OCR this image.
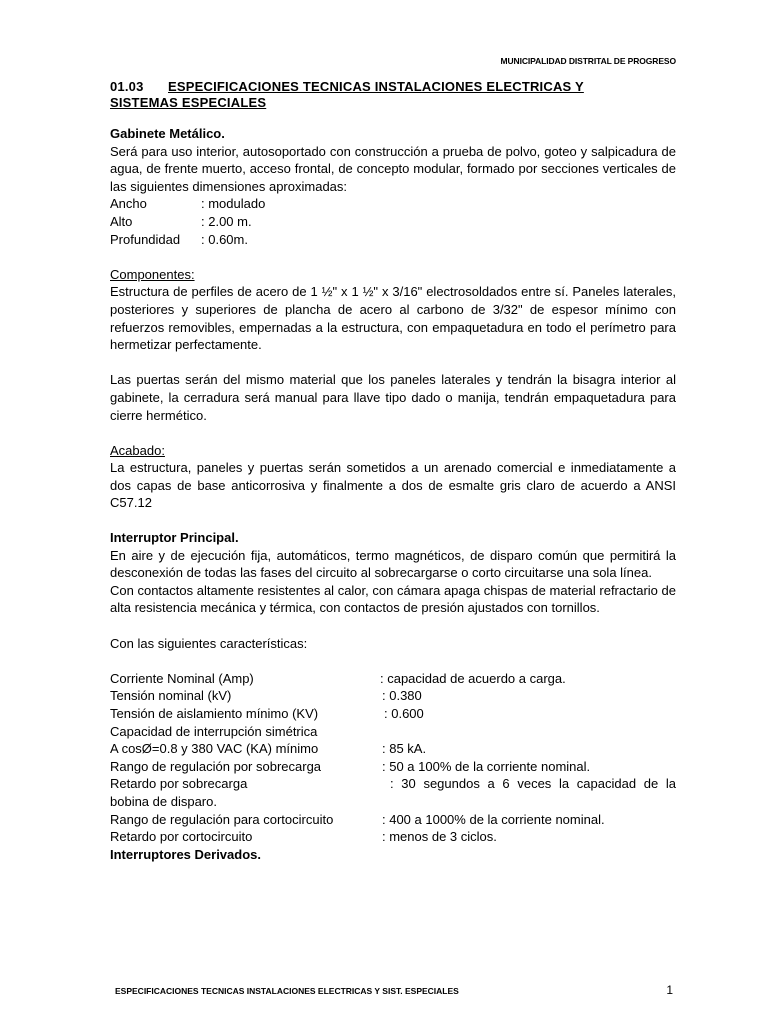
MUNICIPALIDAD DISTRITAL DE PROGRESO
01.03 ESPECIFICACIONES TECNICAS INSTALACIONES ELECTRICAS Y
SISTEMAS ESPECIALES
Gabinete Metálico.
Será para uso interior, autosoportado con construcción a prueba de polvo, goteo y salpicadura de agua, de frente muerto, acceso frontal, de concepto modular, formado por secciones verticales de las siguientes dimensiones aproximadas:
Ancho	: modulado
Alto	: 2.00 m.
Profundidad	: 0.60m.
Componentes:
Estructura de perfiles de acero de 1 ½" x 1 ½" x 3/16" electrosoldados entre sí. Paneles laterales, posteriores y superiores de plancha de acero al carbono de 3/32" de espesor mínimo con refuerzos removibles, empernadas a la estructura, con empaquetadura en todo el perímetro para hermetizar perfectamente.
Las puertas serán del mismo material que los paneles laterales y tendrán la bisagra interior al gabinete, la cerradura será manual para llave tipo dado o manija, tendrán empaquetadura para cierre hermético.
Acabado:
La estructura, paneles y puertas serán sometidos a un arenado comercial e inmediatamente a dos capas de base anticorrosiva y finalmente a dos de esmalte gris claro de acuerdo a ANSI C57.12
Interruptor Principal.
En aire y de ejecución fija, automáticos, termo magnéticos, de disparo común que permitirá la desconexión de todas las fases del circuito al sobrecargarse o corto circuitarse una sola línea.
Con contactos altamente resistentes al calor, con cámara apaga chispas de material refractario de alta resistencia mecánica y térmica, con contactos de presión ajustados con tornillos.
Con las siguientes características:
Corriente Nominal (Amp)	: capacidad de acuerdo a carga.
Tensión nominal (kV)	: 0.380
Tensión de aislamiento mínimo (KV)	: 0.600
Capacidad de interrupción simétrica
A cosØ=0.8 y 380 VAC (KA) mínimo	: 85 kA.
Rango de regulación por sobrecarga	: 50 a 100% de la corriente nominal.
Retardo por sobrecarga	: 30 segundos a 6 veces la capacidad de la
bobina de disparo.
Rango de regulación para cortocircuito	: 400 a 1000% de la corriente nominal.
Retardo por cortocircuito	: menos de 3 ciclos.
Interruptores Derivados.
ESPECIFICACIONES TECNICAS INSTALACIONES ELECTRICAS Y SIST. ESPECIALES	1
